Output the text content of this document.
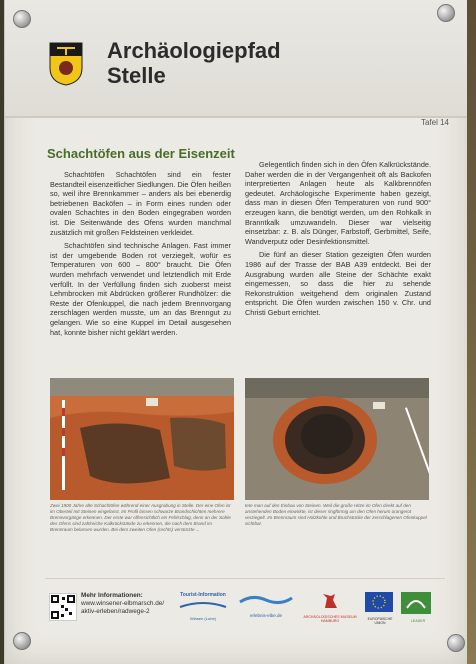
Archäologiepfad
Stelle
Tafel 14
Schachtöfen aus der Eisenzeit

Schachtöfen Schachtöfen sind ein fester Bestandteil eisenzeitlicher Siedlungen. Die Öfen heißen so, weil ihre Brennkammer – anders als bei ebenerdig betriebenen Backöfen – in Form eines runden oder ovalen Schachtes in den Boden eingegraben worden ist. Die Seitenwände des Ofens wurden manchmal zusätzlich mit großen Feldsteinen verkleidet.

Schachtöfen sind technische Anlagen. Fast immer ist der umgebende Boden rot verziegelt, wofür es Temperaturen von 600 – 800° braucht. Die Öfen wurden mehrfach verwendet und letztendlich mit Erde verfüllt. In der Verfüllung finden sich zuoberst meist Lehmbrocken mit Abdrücken größerer Rundhölzer: die Reste der Ofenkuppel, die nach jedem Brennvorgang zerschlagen werden musste, um an das Brenngut zu gelangen. Wie so eine Kuppel im Detail ausgesehen hat, konnte bisher nicht geklärt werden.

Gelegentlich finden sich in den Öfen Kalkrückstände. Daher werden die in der Vergangenheit oft als Backofen interpretierten Anlagen heute als Kalkbrennöfen gedeutet. Archäologische Experimente haben gezeigt, dass man in diesen Öfen Temperaturen von rund 900° erzeugen kann, die benötigt werden, um den Rohkalk in Branntkalk umzuwandeln. Dieser war vielseitig einsetzbar: z. B. als Dünger, Farbstoff, Gerbmittel, Seife, Wandverputz oder Desinfektionsmittel.

Die fünf an dieser Station gezeigten Öfen wurden 1986 auf der Trasse der BAB A39 entdeckt. Bei der Ausgrabung wurden alle Steine der Schächte exakt eingemessen, so dass die hier zu sehende Rekonstruktion weitgehend dem originalen Zustand entspricht. Die Öfen wurden zwischen 150 v. Chr. und Christi Geburt errichtet.

Zwei 1900 Jahre alte Schachtöfen während einer Ausgrabung in Stelle. Der eine Ofen ist im Oberteil mit Steinen eingefasst. Im Profil lassen schwarze Brandschichten mehrere Brennvorgänge erkennen. Der erste war offensichtlich ein Fehlschlag, denn an der Sohle des Ofens sind zahlreiche Kalkrückstände zu erkennen, die nach dem Brand im Brennraum belassen wurden. Bei dem zweiten Ofen (rechts) verstürzte ...
tete man auf den Einbau von Steinen. Weil die große Hitze im Ofen direkt auf den anstehenden Boden einwirkte, ist dieser ringförmig um den Ofen herum orangerot verziegelt. Im Brennraum sind Holzkohle und Bruchstücke der zerschlagenen Ofenkuppel sichtbar.
Mehr Informationen:
www.winsener-elbmarsch.de/
aktiv-erleben/radwege-2
Tourist-Information
Winsen (Luhe)
erlebnis-elbe.de	ARCHÄOLOGISCHES MUSEUM HAMBURG	EUROPÄISCHE UNION	LEADER
